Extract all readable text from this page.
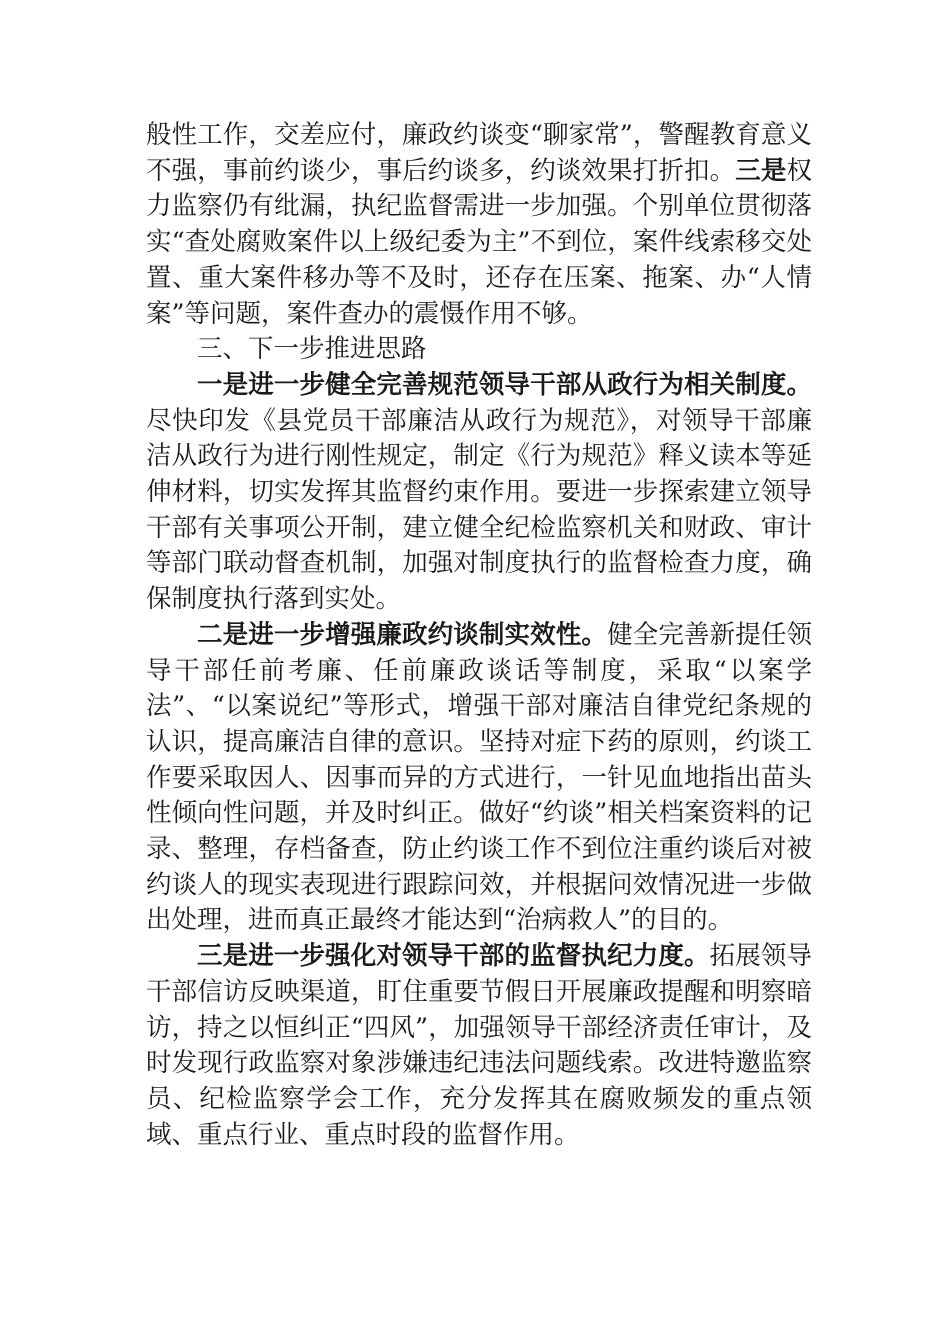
般性工作，交差应付，廉政约谈变“聊家常”，警醒教育意义不强，事前约谈少，事后约谈多，约谈效果打折扣。三是权力监察仍有纰漏，执纪监督需进一步加强。个别单位贯彻落实“查处腐败案件以上级纪委为主”不到位，案件线索移交处置、重大案件移办等不及时，还存在压案、拖案、办“人情案”等问题，案件查办的震慑作用不够。

三、下一步推进思路

一是进一步健全完善规范领导干部从政行为相关制度。尽快印发《县党员干部廉洁从政行为规范》，对领导干部廉洁从政行为进行刚性规定，制定《行为规范》释义读本等延伸材料，切实发挥其监督约束作用。要进一步探索建立领导干部有关事项公开制，建立健全纪检监察机关和财政、审计等部门联动督查机制，加强对制度执行的监督检查力度，确保制度执行落到实处。

二是进一步增强廉政约谈制实效性。健全完善新提任领导干部任前考廉、任前廉政谈话等制度，采取“以案学法”、“以案说纪”等形式，增强干部对廉洁自律党纪条规的认识，提高廉洁自律的意识。坚持对症下药的原则，约谈工作要采取因人、因事而异的方式进行，一针见血地指出苗头性倾向性问题，并及时纠正。做好“约谈”相关档案资料的记录、整理，存档备查，防止约谈工作不到位注重约谈后对被约谈人的现实表现进行跟踪问效，并根据问效情况进一步做出处理，进而真正最终才能达到“治病救人”的目的。

三是进一步强化对领导干部的监督执纪力度。拓展领导干部信访反映渠道，盯住重要节假日开展廉政提醒和明察暗访，持之以恒纠正“四风”，加强领导干部经济责任审计，及时发现行政监察对象涉嫌违纪违法问题线索。改进特邀监察员、纪检监察学会工作，充分发挥其在腐败频发的重点领域、重点行业、重点时段的监督作用。
